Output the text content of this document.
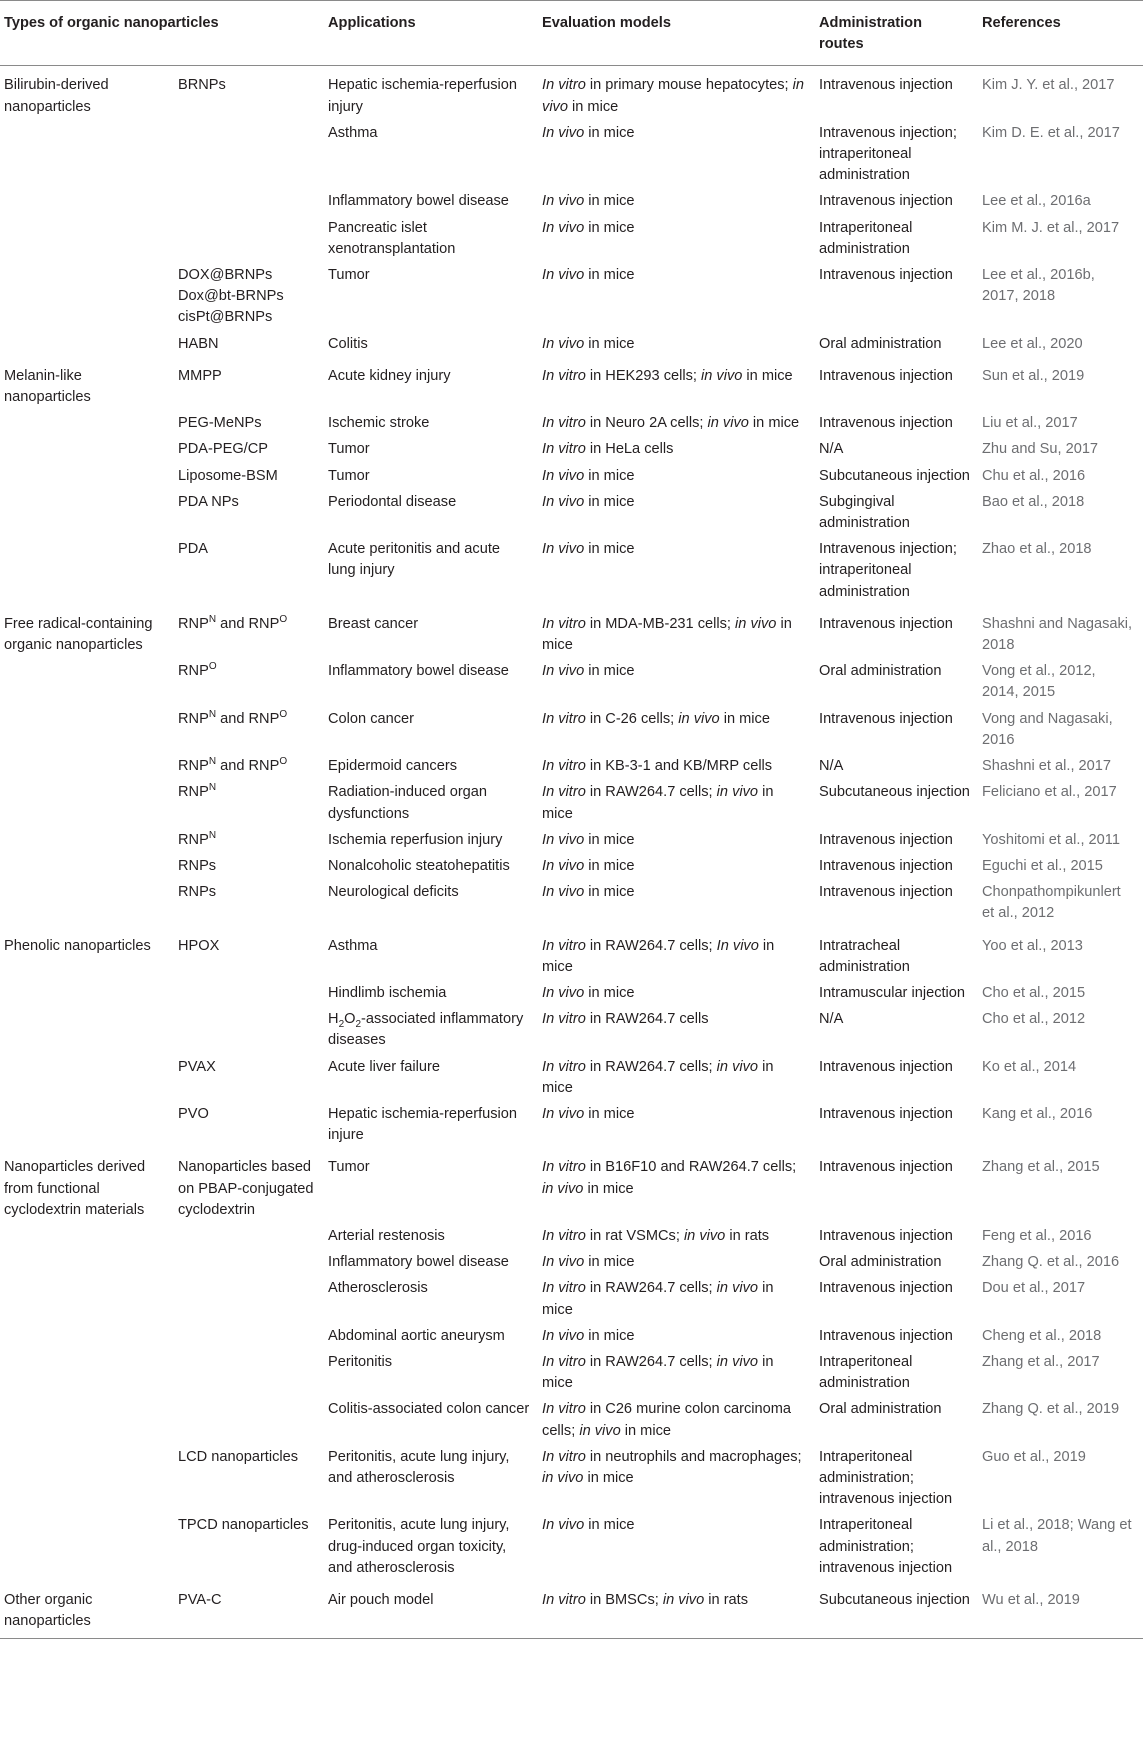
Types of organic nanoparticles		Applications	Evaluation models	Administration routes	References
Bilirubin-derived nanoparticles	BRNPs	Hepatic ischemia-reperfusion injury	In vitro in primary mouse hepatocytes; in vivo in mice	Intravenous injection	Kim J. Y. et al., 2017
		Asthma	In vivo in mice	Intravenous injection; intraperitoneal administration	Kim D. E. et al., 2017
		Inflammatory bowel disease	In vivo in mice	Intravenous injection	Lee et al., 2016a
		Pancreatic islet xenotransplantation	In vivo in mice	Intraperitoneal administration	Kim M. J. et al., 2017
	DOX@BRNPs Dox@bt-BRNPs cisPt@BRNPs	Tumor	In vivo in mice	Intravenous injection	Lee et al., 2016b, 2017, 2018
	HABN	Colitis	In vivo in mice	Oral administration	Lee et al., 2020
Melanin-like nanoparticles	MMPP	Acute kidney injury	In vitro in HEK293 cells; in vivo in mice	Intravenous injection	Sun et al., 2019
	PEG-MeNPs	Ischemic stroke	In vitro in Neuro 2A cells; in vivo in mice	Intravenous injection	Liu et al., 2017
	PDA-PEG/CP	Tumor	In vitro in HeLa cells	N/A	Zhu and Su, 2017
	Liposome-BSM	Tumor	In vivo in mice	Subcutaneous injection	Chu et al., 2016
	PDA NPs	Periodontal disease	In vivo in mice	Subgingival administration	Bao et al., 2018
	PDA	Acute peritonitis and acute lung injury	In vivo in mice	Intravenous injection; intraperitoneal administration	Zhao et al., 2018
Free radical-containing organic nanoparticles	$RNP^N$ and $RNP^O$	Breast cancer	In vitro in MDA-MB-231 cells; in vivo in mice	Intravenous injection	Shashni and Nagasaki, 2018
	$RNP^O$	Inflammatory bowel disease	In vivo in mice	Oral administration	Vong et al., 2012, 2014, 2015
	$RNP^N$ and $RNP^O$	Colon cancer	In vitro in C-26 cells; in vivo in mice	Intravenous injection	Vong and Nagasaki, 2016
	$RNP^N$ and $RNP^O$	Epidermoid cancers	In vitro in KB-3-1 and KB/MRP cells	N/A	Shashni et al., 2017
	$RNP^N$	Radiation-induced organ dysfunctions	In vitro in RAW264.7 cells; in vivo in mice	Subcutaneous injection	Feliciano et al., 2017
	$RNP^N$	Ischemia reperfusion injury	In vivo in mice	Intravenous injection	Yoshitomi et al., 2011
	RNPs	Nonalcoholic steatohepatitis	In vivo in mice	Intravenous injection	Eguchi et al., 2015
	RNPs	Neurological deficits	In vivo in mice	Intravenous injection	Chonpathompikunlert et al., 2012
Phenolic nanoparticles	HPOX	Asthma	In vitro in RAW264.7 cells; In vivo in mice	Intratracheal administration	Yoo et al., 2013
		Hindlimb ischemia	In vivo in mice	Intramuscular injection	Cho et al., 2015
		$H_2O_2$-associated inflammatory diseases	In vitro in RAW264.7 cells	N/A	Cho et al., 2012
	PVAX	Acute liver failure	In vitro in RAW264.7 cells; in vivo in mice	Intravenous injection	Ko et al., 2014
	PVO	Hepatic ischemia-reperfusion injure	In vivo in mice	Intravenous injection	Kang et al., 2016
Nanoparticles derived from functional cyclodextrin materials	Nanoparticles based on PBAP-conjugated cyclodextrin	Tumor	In vitro in B16F10 and RAW264.7 cells; in vivo in mice	Intravenous injection	Zhang et al., 2015
		Arterial restenosis	In vitro in rat VSMCs; in vivo in rats	Intravenous injection	Feng et al., 2016
		Inflammatory bowel disease	In vivo in mice	Oral administration	Zhang Q. et al., 2016
		Atherosclerosis	In vitro in RAW264.7 cells; in vivo in mice	Intravenous injection	Dou et al., 2017
		Abdominal aortic aneurysm	In vivo in mice	Intravenous injection	Cheng et al., 2018
		Peritonitis	In vitro in RAW264.7 cells; in vivo in mice	Intraperitoneal administration	Zhang et al., 2017
		Colitis-associated colon cancer	In vitro in C26 murine colon carcinoma cells; in vivo in mice	Oral administration	Zhang Q. et al., 2019
	LCD nanoparticles	Peritonitis, acute lung injury, and atherosclerosis	In vitro in neutrophils and macrophages; in vivo in mice	Intraperitoneal administration; intravenous injection	Guo et al., 2019
	TPCD nanoparticles	Peritonitis, acute lung injury, drug-induced organ toxicity, and atherosclerosis	In vivo in mice	Intraperitoneal administration; intravenous injection	Li et al., 2018; Wang et al., 2018
Other organic nanoparticles	PVA-C	Air pouch model	In vitro in BMSCs; in vivo in rats	Subcutaneous injection	Wu et al., 2019
